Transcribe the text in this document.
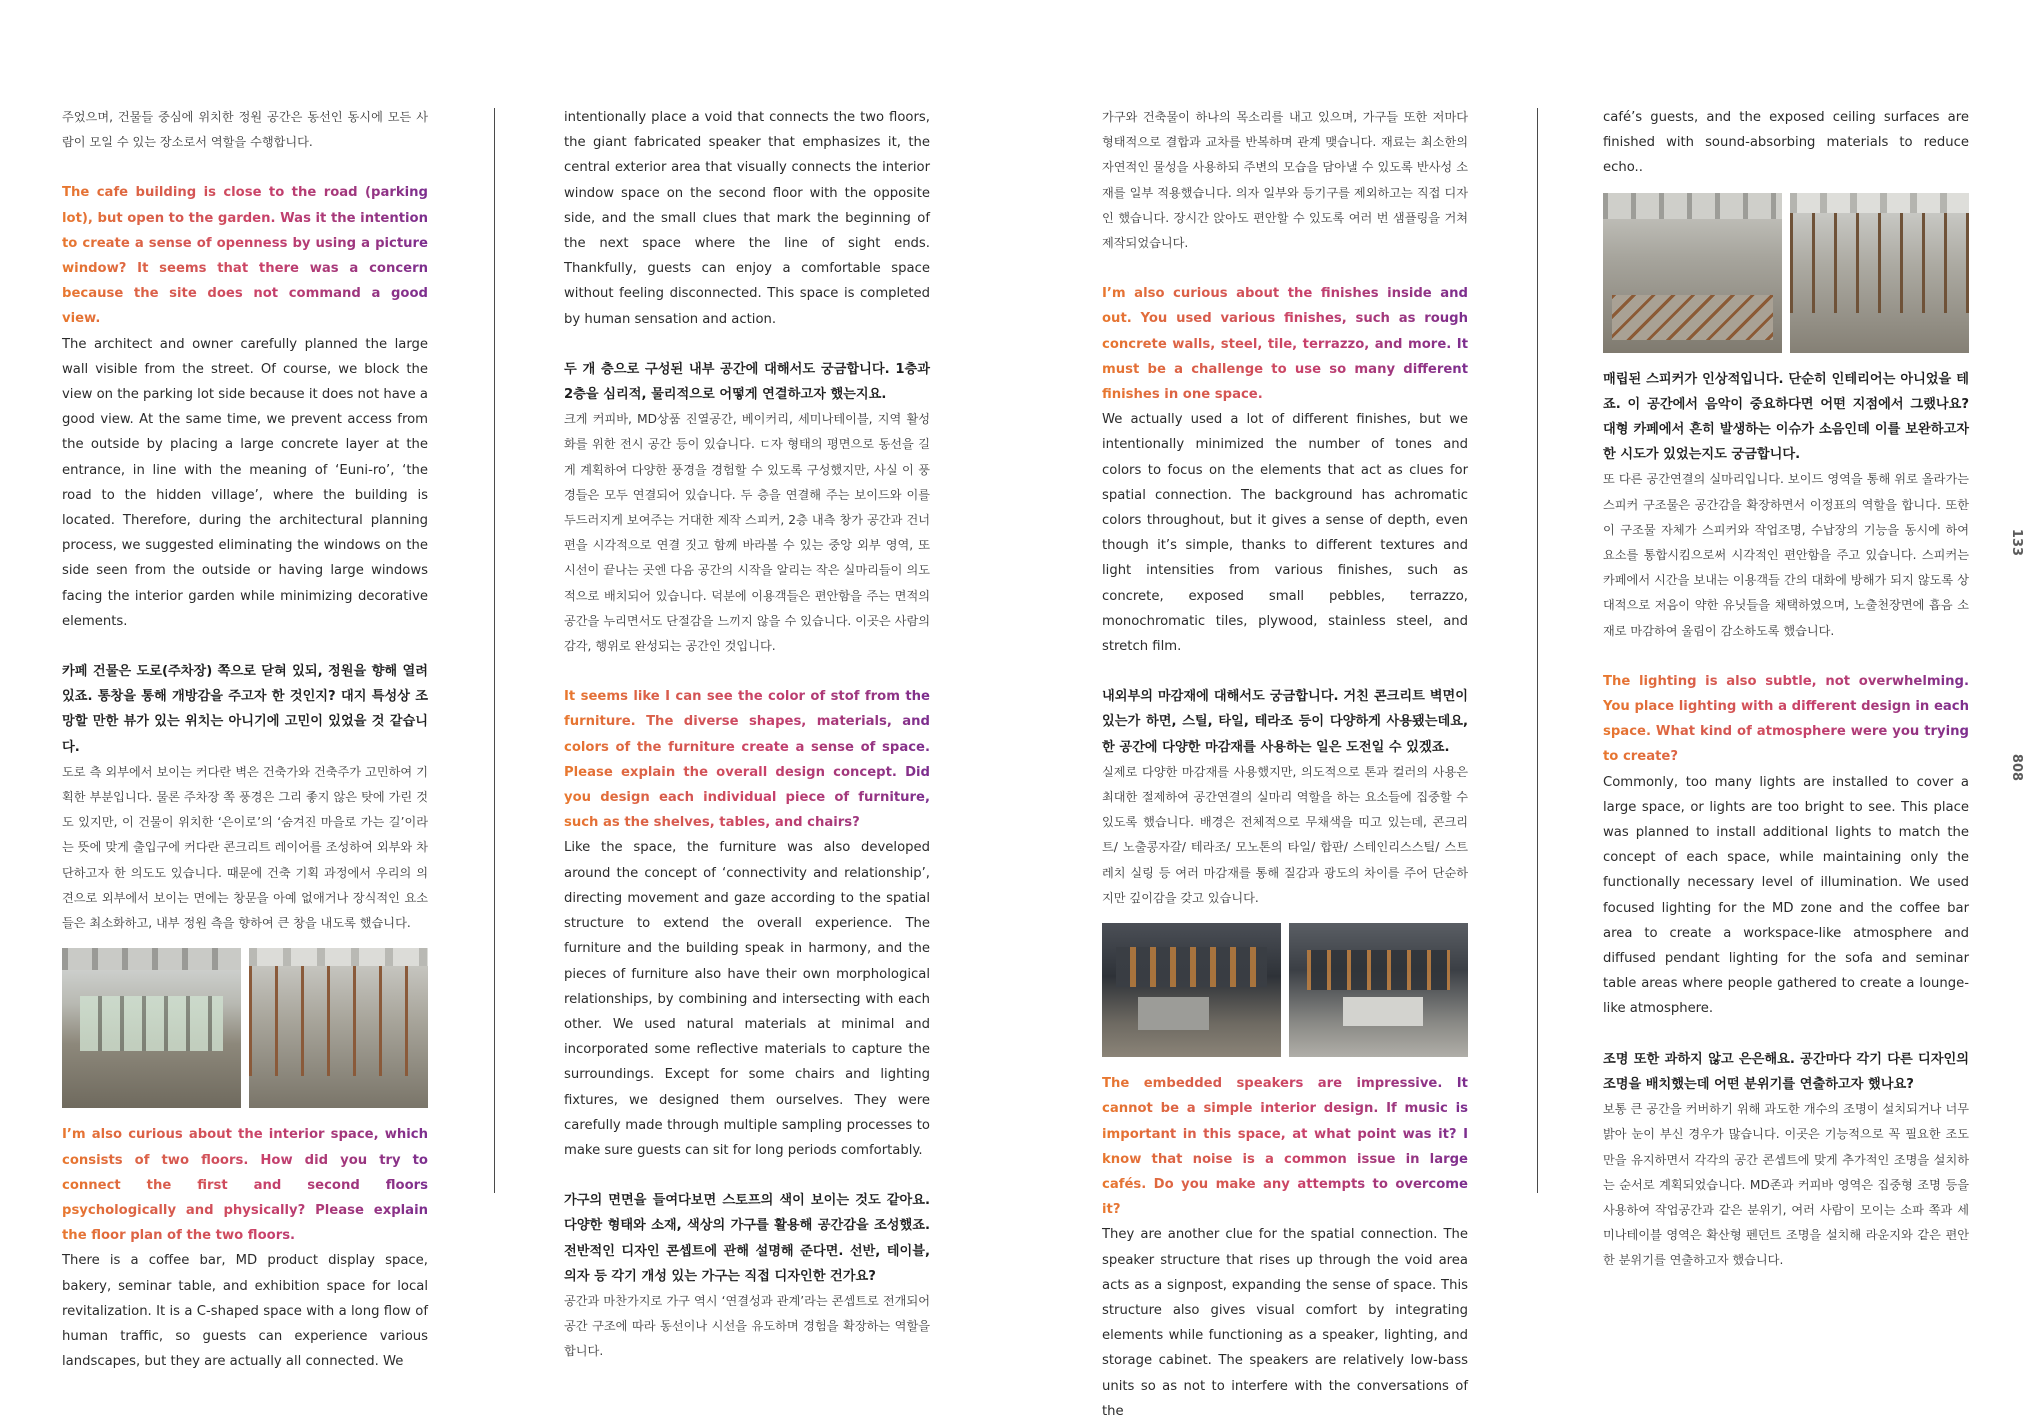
133
808

주었으며, 건물들 중심에 위치한 정원 공간은 동선인 동시에 모든 사람이 모일 수 있는 장소로서 역할을 수행합니다.

The cafe building is close to the road (parking lot), but open to the garden. Was it the intention to create a sense of openness by using a picture window? It seems that there was a concern because the site does not command a good view.

The architect and owner carefully planned the large wall visible from the street. Of course, we block the view on the parking lot side because it does not have a good view. At the same time, we prevent access from the outside by placing a large concrete layer at the entrance, in line with the meaning of ‘Euni-ro’, ‘the road to the hidden village’, where the building is located. Therefore, during the architectural planning process, we suggested eliminating the windows on the side seen from the outside or having large windows facing the interior garden while minimizing decorative elements.

카페 건물은 도로(주차장) 쪽으로 닫혀 있되, 정원을 향해 열려 있죠. 통창을 통해 개방감을 주고자 한 것인지? 대지 특성상 조망할 만한 뷰가 있는 위치는 아니기에 고민이 있었을 것 같습니다.

도로 측 외부에서 보이는 커다란 벽은 건축가와 건축주가 고민하여 기획한 부분입니다. 물론 주차장 쪽 풍경은 그리 좋지 않은 탓에 가린 것도 있지만, 이 건물이 위치한 ‘은이로’의 ‘숨겨진 마을로 가는 길’이라는 뜻에 맞게 출입구에 커다란 콘크리트 레이어를 조성하여 외부와 차단하고자 한 의도도 있습니다. 때문에 건축 기획 과정에서 우리의 의견으로 외부에서 보이는 면에는 창문을 아예 없애거나 장식적인 요소들은 최소화하고, 내부 정원 측을 향하여 큰 창을 내도록 했습니다.

I’m also curious about the interior space, which consists of two floors. How did you try to connect the first and second floors psychologically and physically? Please explain the floor plan of the two floors.

There is a coffee bar, MD product display space, bakery, seminar table, and exhibition space for local revitalization. It is a C-shaped space with a long flow of human traffic, so guests can experience various landscapes, but they are actually all connected. We

intentionally place a void that connects the two floors, the giant fabricated speaker that emphasizes it, the central exterior area that visually connects the interior window space on the second floor with the opposite side, and the small clues that mark the beginning of the next space where the line of sight ends. Thankfully, guests can enjoy a comfortable space without feeling disconnected. This space is completed by human sensation and action.

두 개 층으로 구성된 내부 공간에 대해서도 궁금합니다. 1층과 2층을 심리적, 물리적으로 어떻게 연결하고자 했는지요.

크게 커피바, MD상품 진열공간, 베이커리, 세미나테이블, 지역 활성화를 위한 전시 공간 등이 있습니다. ㄷ자 형태의 평면으로 동선을 길게 계획하여 다양한 풍경을 경험할 수 있도록 구성했지만, 사실 이 풍경들은 모두 연결되어 있습니다. 두 층을 연결해 주는 보이드와 이를 두드러지게 보여주는 거대한 제작 스피커, 2층 내측 창가 공간과 건너편을 시각적으로 연결 짓고 함께 바라볼 수 있는 중앙 외부 영역, 또 시선이 끝나는 곳엔 다음 공간의 시작을 알리는 작은 실마리들이 의도적으로 배치되어 있습니다. 덕분에 이용객들은 편안함을 주는 면적의 공간을 누리면서도 단절감을 느끼지 않을 수 있습니다. 이곳은 사람의 감각, 행위로 완성되는 공간인 것입니다.

It seems like I can see the color of stof from the furniture. The diverse shapes, materials, and colors of the furniture create a sense of space. Please explain the overall design concept. Did you design each individual piece of furniture, such as the shelves, tables, and chairs?

Like the space, the furniture was also developed around the concept of ‘connectivity and relationship’, directing movement and gaze according to the spatial structure to extend the overall experience. The furniture and the building speak in harmony, and the pieces of furniture also have their own morphological relationships, by combining and intersecting with each other. We used natural materials at minimal and incorporated some reflective materials to capture the surroundings. Except for some chairs and lighting fixtures, we designed them ourselves. They were carefully made through multiple sampling processes to make sure guests can sit for long periods comfortably.

가구의 면면을 들여다보면 스토프의 색이 보이는 것도 같아요. 다양한 형태와 소재, 색상의 가구를 활용해 공간감을 조성했죠. 전반적인 디자인 콘셉트에 관해 설명해 준다면. 선반, 테이블, 의자 등 각기 개성 있는 가구는 직접 디자인한 건가요?

공간과 마찬가지로 가구 역시 ‘연결성과 관계’라는 콘셉트로 전개되어 공간 구조에 따라 동선이나 시선을 유도하며 경험을 확장하는 역할을 합니다.

가구와 건축물이 하나의 목소리를 내고 있으며, 가구들 또한 저마다 형태적으로 결합과 교차를 반복하며 관계 맺습니다. 재료는 최소한의 자연적인 물성을 사용하되 주변의 모습을 담아낼 수 있도록 반사성 소재를 일부 적용했습니다. 의자 일부와 등기구를 제외하고는 직접 디자인 했습니다. 장시간 앉아도 편안할 수 있도록 여러 번 샘플링을 거쳐 제작되었습니다.

I’m also curious about the finishes inside and out. You used various finishes, such as rough concrete walls, steel, tile, terrazzo, and more. It must be a challenge to use so many different finishes in one space.

We actually used a lot of different finishes, but we intentionally minimized the number of tones and colors to focus on the elements that act as clues for spatial connection. The background has achromatic colors throughout, but it gives a sense of depth, even though it’s simple, thanks to different textures and light intensities from various finishes, such as concrete, exposed small pebbles, terrazzo, monochromatic tiles, plywood, stainless steel, and stretch film.

내외부의 마감재에 대해서도 궁금합니다. 거친 콘크리트 벽면이 있는가 하면, 스틸, 타일, 테라조 등이 다양하게 사용됐는데요, 한 공간에 다양한 마감재를 사용하는 일은 도전일 수 있겠죠.

실제로 다양한 마감재를 사용했지만, 의도적으로 톤과 컬러의 사용은 최대한 절제하여 공간연결의 실마리 역할을 하는 요소들에 집중할 수 있도록 했습니다. 배경은 전체적으로 무채색을 띠고 있는데, 콘크리트/ 노출콩자갈/ 테라조/ 모노톤의 타일/ 합판/ 스테인리스스틸/ 스트레치 실링 등 여러 마감재를 통해 질감과 광도의 차이를 주어 단순하지만 깊이감을 갖고 있습니다.

The embedded speakers are impressive. It cannot be a simple interior design. If music is important in this space, at what point was it? I know that noise is a common issue in large cafés. Do you make any attempts to overcome it?

They are another clue for the spatial connection. The speaker structure that rises up through the void area acts as a signpost, expanding the sense of space. This structure also gives visual comfort by integrating elements while functioning as a speaker, lighting, and storage cabinet. The speakers are relatively low-bass units so as not to interfere with the conversations of the

café’s guests, and the exposed ceiling surfaces are finished with sound-absorbing materials to reduce echo..

매립된 스피커가 인상적입니다. 단순히 인테리어는 아니었을 테죠. 이 공간에서 음악이 중요하다면 어떤 지점에서 그랬나요? 대형 카페에서 흔히 발생하는 이슈가 소음인데 이를 보완하고자 한 시도가 있었는지도 궁금합니다.

또 다른 공간연결의 실마리입니다. 보이드 영역을 통해 위로 올라가는 스피커 구조물은 공간감을 확장하면서 이정표의 역할을 합니다. 또한 이 구조물 자체가 스피커와 작업조명, 수납장의 기능을 동시에 하여 요소를 통합시킴으로써 시각적인 편안함을 주고 있습니다. 스피커는 카페에서 시간을 보내는 이용객들 간의 대화에 방해가 되지 않도록 상대적으로 저음이 약한 유닛들을 채택하였으며, 노출천장면에 흡음 소재로 마감하여 울림이 감소하도록 했습니다.

The lighting is also subtle, not overwhelming. You place lighting with a different design in each space. What kind of atmosphere were you trying to create?

Commonly, too many lights are installed to cover a large space, or lights are too bright to see. This place was planned to install additional lights to match the concept of each space, while maintaining only the functionally necessary level of illumination. We used focused lighting for the MD zone and the coffee bar area to create a workspace-like atmosphere and diffused pendant lighting for the sofa and seminar table areas where people gathered to create a lounge-like atmosphere.

조명 또한 과하지 않고 은은해요. 공간마다 각기 다른 디자인의 조명을 배치했는데 어떤 분위기를 연출하고자 했나요?

보통 큰 공간을 커버하기 위해 과도한 개수의 조명이 설치되거나 너무 밝아 눈이 부신 경우가 많습니다. 이곳은 기능적으로 꼭 필요한 조도만을 유지하면서 각각의 공간 콘셉트에 맞게 추가적인 조명을 설치하는 순서로 계획되었습니다. MD존과 커피바 영역은 집중형 조명 등을 사용하여 작업공간과 같은 분위기, 여러 사람이 모이는 소파 쪽과 세미나테이블 영역은 확산형 펜던트 조명을 설치해 라운지와 같은 편안한 분위기를 연출하고자 했습니다.
